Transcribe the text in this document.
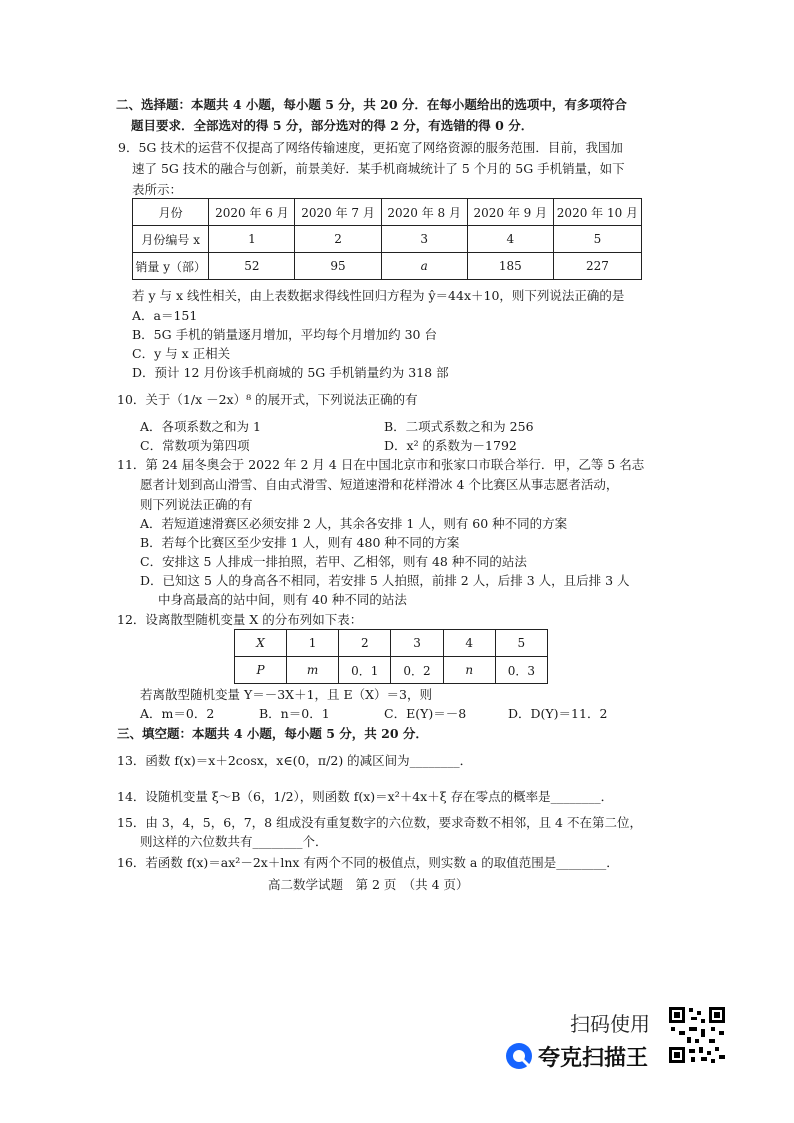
二、选择题：本题共 4 小题，每小题 5 分，共 20 分．在每小题给出的选项中，有多项符合
题目要求．全部选对的得 5 分，部分选对的得 2 分，有选错的得 0 分．
9．5G 技术的运营不仅提高了网络传输速度，更拓宽了网络资源的服务范围．目前，我国加
速了 5G 技术的融合与创新，前景美好．某手机商城统计了 5 个月的 5G 手机销量，如下
表所示：
月份	2020 年 6 月	2020 年 7 月	2020 年 8 月	2020 年 9 月	2020 年 10 月
月份编号 x	1	2	3	4	5
销量 y（部）	52	95	a	185	227
若 y 与 x 线性相关，由上表数据求得线性回归方程为 ŷ＝44x＋10，则下列说法正确的是
A．a＝151
B．5G 手机的销量逐月增加，平均每个月增加约 30 台
C．y 与 x 正相关
D．预计 12 月份该手机商城的 5G 手机销量约为 318 部
10．关于（1/x －2x）⁸ 的展开式，下列说法正确的有
A．各项系数之和为 1	B．二项式系数之和为 256
C．常数项为第四项	D．x² 的系数为－1792
11．第 24 届冬奥会于 2022 年 2 月 4 日在中国北京市和张家口市联合举行．甲，乙等 5 名志
愿者计划到高山滑雪、自由式滑雪、短道速滑和花样滑冰 4 个比赛区从事志愿者活动，
则下列说法正确的有
A．若短道速滑赛区必须安排 2 人，其余各安排 1 人，则有 60 种不同的方案
B．若每个比赛区至少安排 1 人，则有 480 种不同的方案
C．安排这 5 人排成一排拍照，若甲、乙相邻，则有 48 种不同的站法
D．已知这 5 人的身高各不相同，若安排 5 人拍照，前排 2 人，后排 3 人，且后排 3 人
中身高最高的站中间，则有 40 种不同的站法
12．设离散型随机变量 X 的分布列如下表：
X	1	2	3	4	5
P	m	0．1	0．2	n	0．3
若离散型随机变量 Y＝－3X＋1，且 E（X）＝3，则
A．m＝0．2	B．n＝0．1	C．E(Y)＝－8	D．D(Y)＝11．2
三、填空题：本题共 4 小题，每小题 5 分，共 20 分．
13．函数 f(x)＝x＋2cosx，x∈(0，π/2) 的减区间为________．
14．设随机变量 ξ～B（6，1/2），则函数 f(x)＝x²＋4x＋ξ 存在零点的概率是________．
15．由 3，4，5，6，7，8 组成没有重复数字的六位数，要求奇数不相邻，且 4 不在第二位，
则这样的六位数共有________个．
16．若函数 f(x)＝ax²－2x＋lnx 有两个不同的极值点，则实数 a 的取值范围是________．
高二数学试题　第 2 页　（共 4 页）
扫码使用
夸克扫描王
